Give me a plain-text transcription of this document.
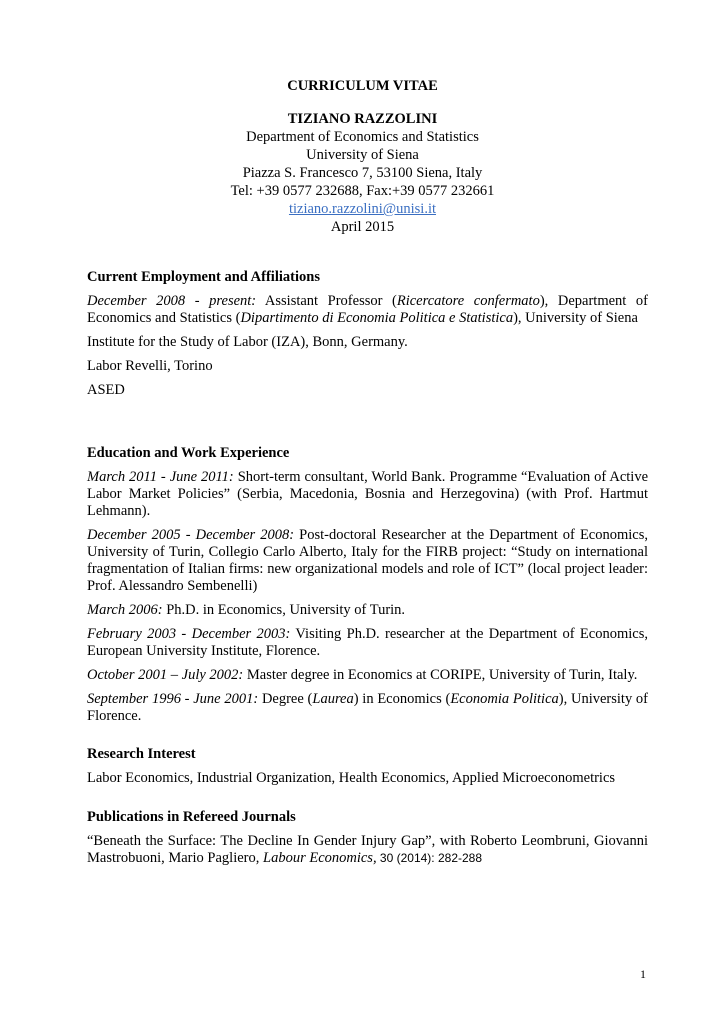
CURRICULUM VITAE
TIZIANO RAZZOLINI
Department of Economics and Statistics
University of Siena
Piazza S. Francesco 7, 53100 Siena, Italy
Tel: +39 0577 232688, Fax:+39 0577 232661
tiziano.razzolini@unisi.it
April 2015
Current Employment and Affiliations
December 2008 - present: Assistant Professor (Ricercatore confermato), Department of Economics and Statistics (Dipartimento di Economia Politica e Statistica), University of Siena
Institute for the Study of Labor (IZA), Bonn, Germany.
Labor Revelli, Torino
ASED
Education and Work Experience
March 2011 - June 2011: Short-term consultant, World Bank. Programme “Evaluation of Active Labor Market Policies” (Serbia, Macedonia, Bosnia and Herzegovina) (with Prof. Hartmut Lehmann).
December 2005 - December 2008: Post-doctoral Researcher at the Department of Economics, University of Turin, Collegio Carlo Alberto, Italy for the FIRB project: “Study on international fragmentation of Italian firms: new organizational models and role of ICT” (local project leader: Prof. Alessandro Sembenelli)
March 2006: Ph.D. in Economics, University of Turin.
February 2003 - December 2003: Visiting Ph.D. researcher at the Department of Economics, European University Institute, Florence.
October 2001 – July 2002: Master degree in Economics at CORIPE, University of Turin, Italy.
September 1996 - June 2001: Degree (Laurea) in Economics (Economia Politica), University of Florence.
Research Interest
Labor Economics, Industrial Organization, Health Economics, Applied Microeconometrics
Publications in Refereed Journals
“Beneath the Surface: The Decline In Gender Injury Gap”, with Roberto Leombruni, Giovanni Mastrobuoni, Mario Pagliero, Labour Economics, 30 (2014): 282-288
1
